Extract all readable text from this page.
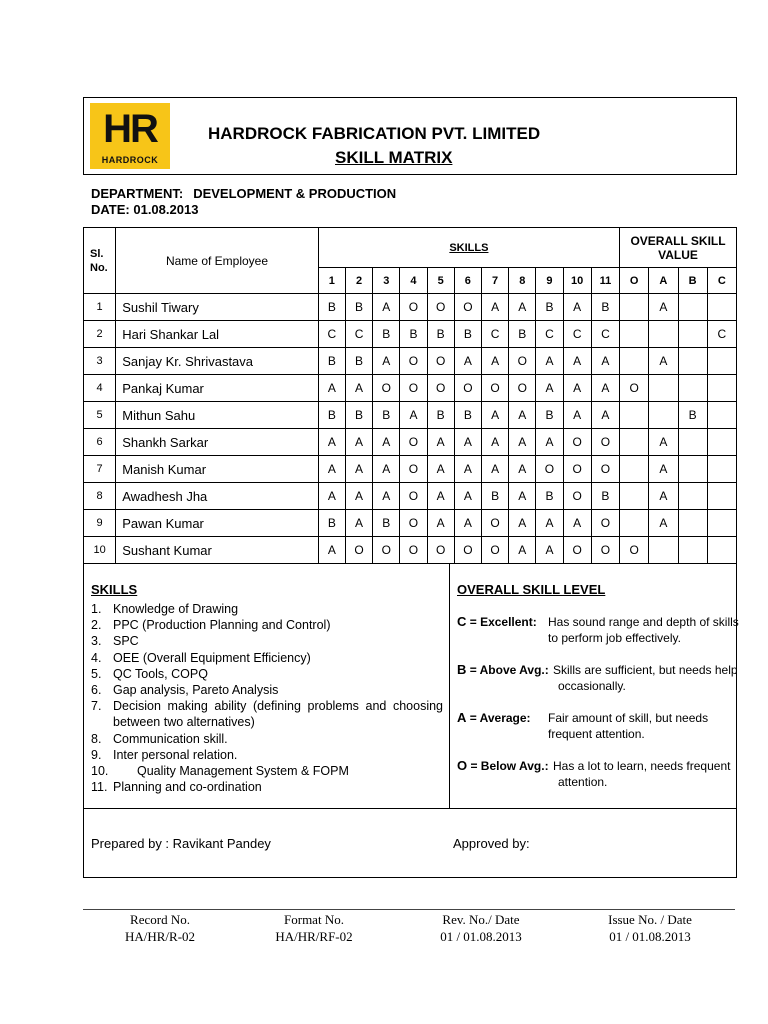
HR
HARDROCK
HARDROCK FABRICATION PVT. LIMITED
SKILL MATRIX
DEPARTMENT: DEVELOPMENT & PRODUCTION
DATE: 01.08.2013
Sl. No.	Name of Employee	SKILLS											OVERALL SKILL VALUE			
		1	2	3	4	5	6	7	8	9	10	11	O	A	B	C
1	Sushil Tiwary	B	B	A	O	O	O	A	A	B	A	B		A		
2	Hari Shankar Lal	C	C	B	B	B	B	C	B	C	C	C				C
3	Sanjay Kr. Shrivastava	B	B	A	O	O	A	A	O	A	A	A		A		
4	Pankaj Kumar	A	A	O	O	O	O	O	O	A	A	A	O			
5	Mithun Sahu	B	B	B	A	B	B	A	A	B	A	A			B	
6	Shankh Sarkar	A	A	A	O	A	A	A	A	A	O	O		A		
7	Manish Kumar	A	A	A	O	A	A	A	A	O	O	O		A		
8	Awadhesh Jha	A	A	A	O	A	A	B	A	B	O	B		A		
9	Pawan Kumar	B	A	B	O	A	A	O	A	A	A	O		A		
10	Sushant Kumar	A	O	O	O	O	O	O	A	A	O	O	O			
SKILLS
1. Knowledge of Drawing
2. PPC (Production Planning and Control)
3. SPC
4. OEE (Overall Equipment Efficiency)
5. QC Tools, COPQ
6. Gap analysis, Pareto Analysis
7. Decision making ability (defining problems and choosing between two alternatives)
8. Communication skill.
9. Inter personal relation.
10.	Quality Management System & FOPM
11. Planning and co-ordination
OVERALL SKILL LEVEL
C = Excellent: Has sound range and depth of skills
to perform job effectively.
B = Above Avg.: Skills are sufficient, but needs help
occasionally.
A = Average: Fair amount of skill, but needs
frequent attention.
O = Below Avg.: Has a lot to learn, needs frequent
attention.
Prepared by : Ravikant Pandey	Approved by:
Record No.
HA/HR/R-02
Format No.
HA/HR/RF-02
Rev. No./ Date
01 / 01.08.2013
Issue No. / Date
01 / 01.08.2013
